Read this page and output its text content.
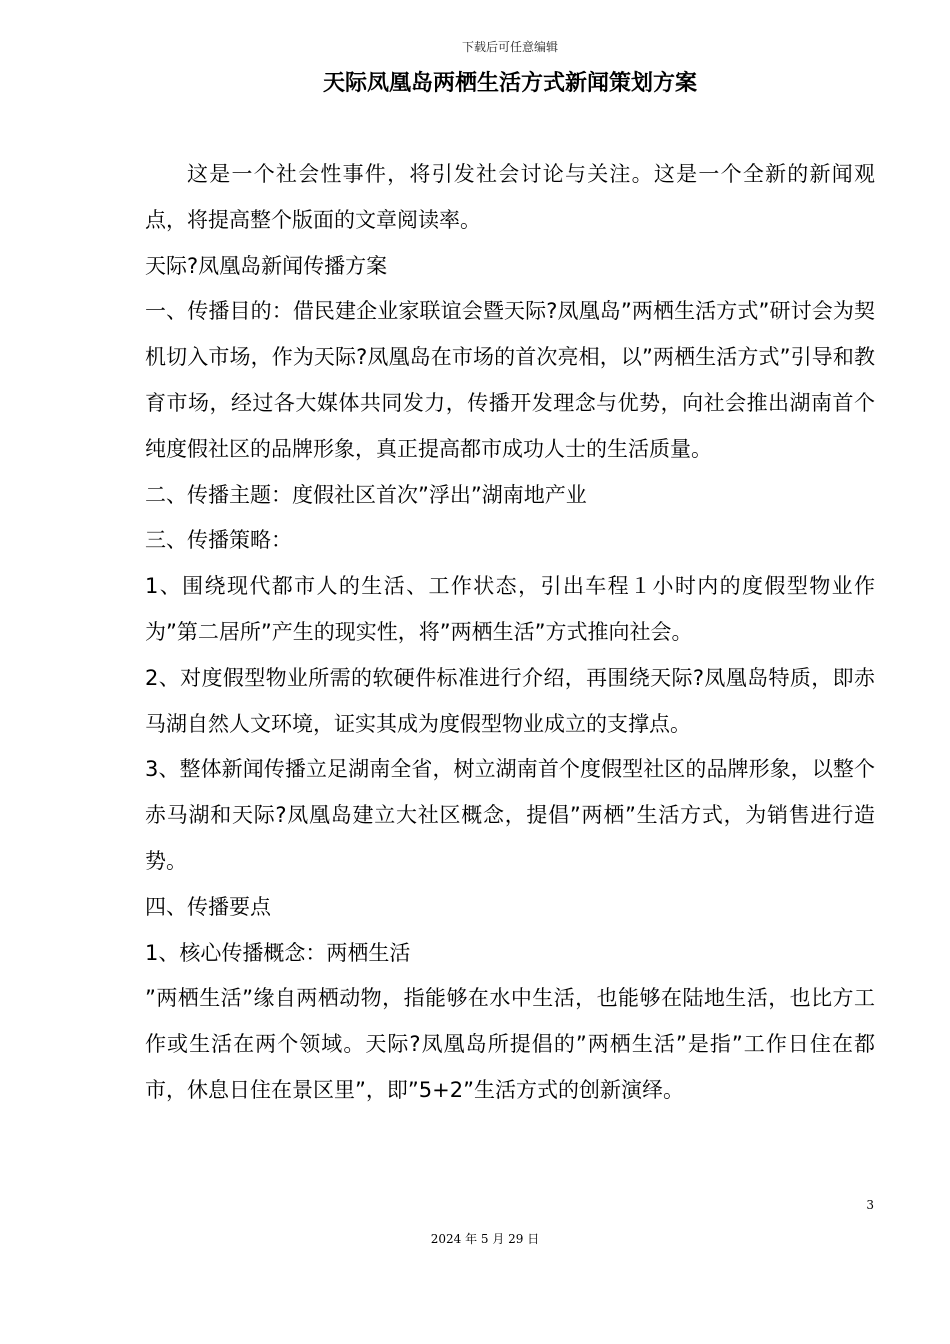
下载后可任意编辑
天际凤凰岛两栖生活方式新闻策划方案

这是一个社会性事件，将引发社会讨论与关注。这是一个全新的新闻观点，将提高整个版面的文章阅读率。

天际?凤凰岛新闻传播方案

一、传播目的：借民建企业家联谊会暨天际?凤凰岛”两栖生活方式”研讨会为契机切入市场，作为天际?凤凰岛在市场的首次亮相，以”两栖生活方式”引导和教育市场，经过各大媒体共同发力，传播开发理念与优势，向社会推出湖南首个纯度假社区的品牌形象，真正提高都市成功人士的生活质量。

二、传播主题：度假社区首次”浮出”湖南地产业

三、传播策略：

1、围绕现代都市人的生活、工作状态，引出车程１小时内的度假型物业作为”第二居所”产生的现实性，将”两栖生活”方式推向社会。

2、对度假型物业所需的软硬件标准进行介绍，再围绕天际?凤凰岛特质，即赤马湖自然人文环境，证实其成为度假型物业成立的支撑点。

3、整体新闻传播立足湖南全省，树立湖南首个度假型社区的品牌形象，以整个赤马湖和天际?凤凰岛建立大社区概念，提倡”两栖”生活方式，为销售进行造势。

四、传播要点

1、核心传播概念：两栖生活

”两栖生活”缘自两栖动物，指能够在水中生活，也能够在陆地生活，也比方工作或生活在两个领域。天际?凤凰岛所提倡的”两栖生活”是指”工作日住在都市，休息日住在景区里”，即”5+2”生活方式的创新演绎。

3
2024 年 5 月 29 日
